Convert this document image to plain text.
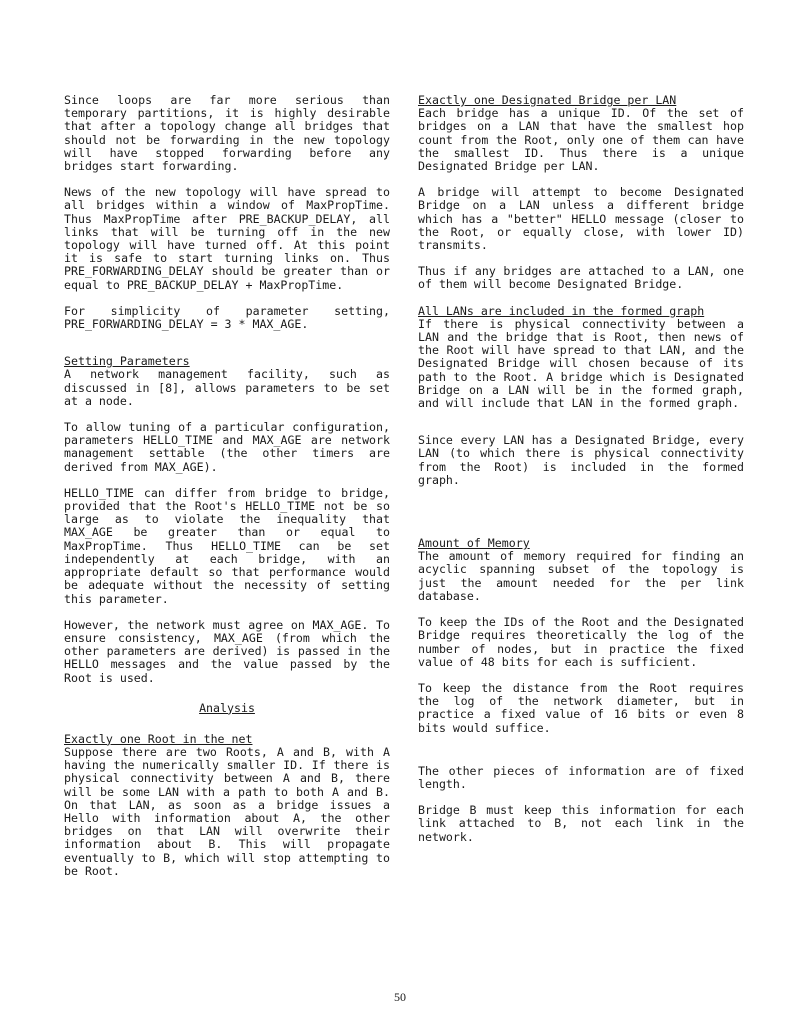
Since loops are far more serious than temporary partitions, it is highly desirable that after a topology change all bridges that should not be forwarding in the new topology will have stopped forwarding before any bridges start forwarding.

News of the new topology will have spread to all bridges within a window of MaxPropTime. Thus MaxPropTime after PRE_BACKUP_DELAY, all links that will be turning off in the new topology will have turned off. At this point it is safe to start turning links on. Thus PRE_FORWARDING_DELAY should be greater than or equal to PRE_BACKUP_DELAY + MaxPropTime.

For simplicity of parameter setting, PRE_FORWARDING_DELAY = 3 * MAX_AGE.

Setting Parameters

A network management facility, such as discussed in [8], allows parameters to be set at a node.

To allow tuning of a particular configuration, parameters HELLO_TIME and MAX_AGE are network management settable (the other timers are derived from MAX_AGE).

HELLO_TIME can differ from bridge to bridge, provided that the Root's HELLO_TIME not be so large as to violate the inequality that MAX_AGE be greater than or equal to MaxPropTime. Thus HELLO_TIME can be set independently at each bridge, with an appropriate default so that performance would be adequate without the necessity of setting this parameter.

However, the network must agree on MAX_AGE. To ensure consistency, MAX_AGE (from which the other parameters are derived) is passed in the HELLO messages and the value passed by the Root is used.

Analysis
Exactly one Root in the net

Suppose there are two Roots, A and B, with A having the numerically smaller ID. If there is physical connectivity between A and B, there will be some LAN with a path to both A and B. On that LAN, as soon as a bridge issues a Hello with information about A, the other bridges on that LAN will overwrite their information about B. This will propagate eventually to B, which will stop attempting to be Root.

Exactly one Designated Bridge per LAN

Each bridge has a unique ID. Of the set of bridges on a LAN that have the smallest hop count from the Root, only one of them can have the smallest ID. Thus there is a unique Designated Bridge per LAN.

A bridge will attempt to become Designated Bridge on a LAN unless a different bridge which has a "better" HELLO message (closer to the Root, or equally close, with lower ID) transmits.

Thus if any bridges are attached to a LAN, one of them will become Designated Bridge.

All LANs are included in the formed graph

If there is physical connectivity between a LAN and the bridge that is Root, then news of the Root will have spread to that LAN, and the Designated Bridge will chosen because of its path to the Root. A bridge which is Designated Bridge on a LAN will be in the formed graph, and will include that LAN in the formed graph.

Since every LAN has a Designated Bridge, every LAN (to which there is physical connectivity from the Root) is included in the formed graph.

Amount of Memory

The amount of memory required for finding an acyclic spanning subset of the topology is just the amount needed for the per link database.

To keep the IDs of the Root and the Designated Bridge requires theoretically the log of the number of nodes, but in practice the fixed value of 48 bits for each is sufficient.

To keep the distance from the Root requires the log of the network diameter, but in practice a fixed value of 16 bits or even 8 bits would suffice.

The other pieces of information are of fixed length.

Bridge B must keep this information for each link attached to B, not each link in the network.

50
